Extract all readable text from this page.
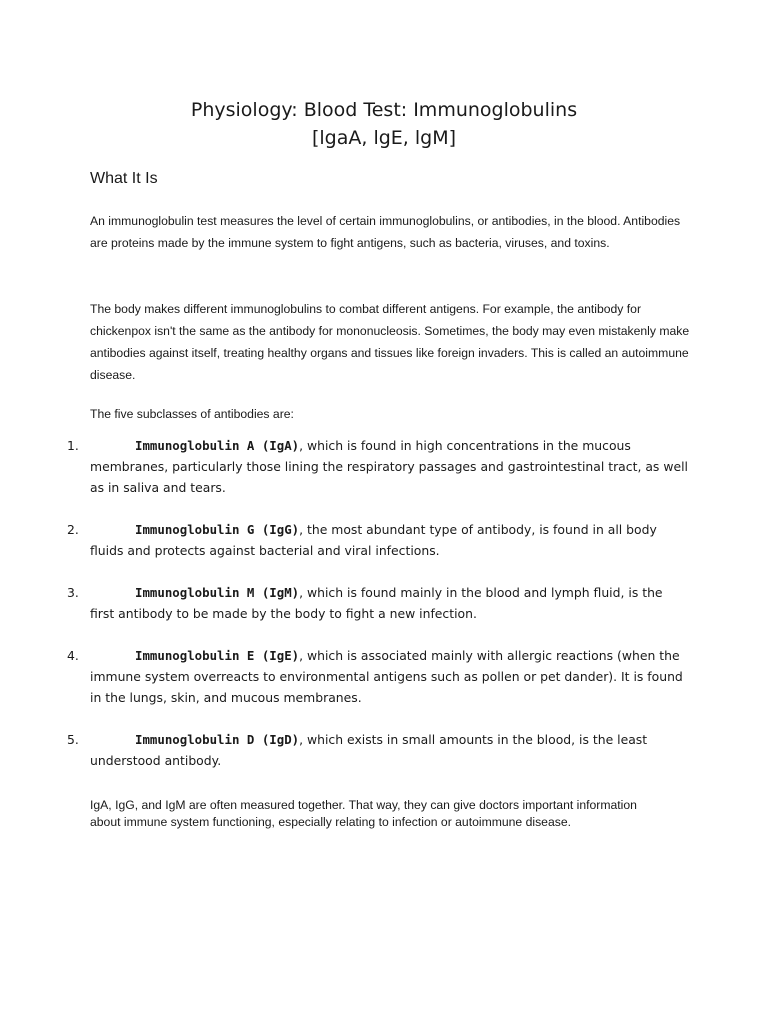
Physiology: Blood Test: Immunoglobulins
[lgaA, lgE, lgM]
What It Is
An immunoglobulin test measures the level of certain immunoglobulins, or antibodies, in the blood. Antibodies are proteins made by the immune system to fight antigens, such as bacteria, viruses, and toxins.
The body makes different immunoglobulins to combat different antigens. For example, the antibody for chickenpox isn't the same as the antibody for mononucleosis. Sometimes, the body may even mistakenly make antibodies against itself, treating healthy organs and tissues like foreign invaders. This is called an autoimmune disease.
The five subclasses of antibodies are:
1.	Immunoglobulin A (IgA), which is found in high concentrations in the mucous membranes, particularly those lining the respiratory passages and gastrointestinal tract, as well as in saliva and tears.
2.	Immunoglobulin G (IgG), the most abundant type of antibody, is found in all body fluids and protects against bacterial and viral infections.
3.	Immunoglobulin M (IgM), which is found mainly in the blood and lymph fluid, is the first antibody to be made by the body to fight a new infection.
4.	Immunoglobulin E (IgE), which is associated mainly with allergic reactions (when the immune system overreacts to environmental antigens such as pollen or pet dander). It is found in the lungs, skin, and mucous membranes.
5.	Immunoglobulin D (IgD), which exists in small amounts in the blood, is the least understood antibody.
IgA, IgG, and IgM are often measured together. That way, they can give doctors important information about immune system functioning, especially relating to infection or autoimmune disease.
